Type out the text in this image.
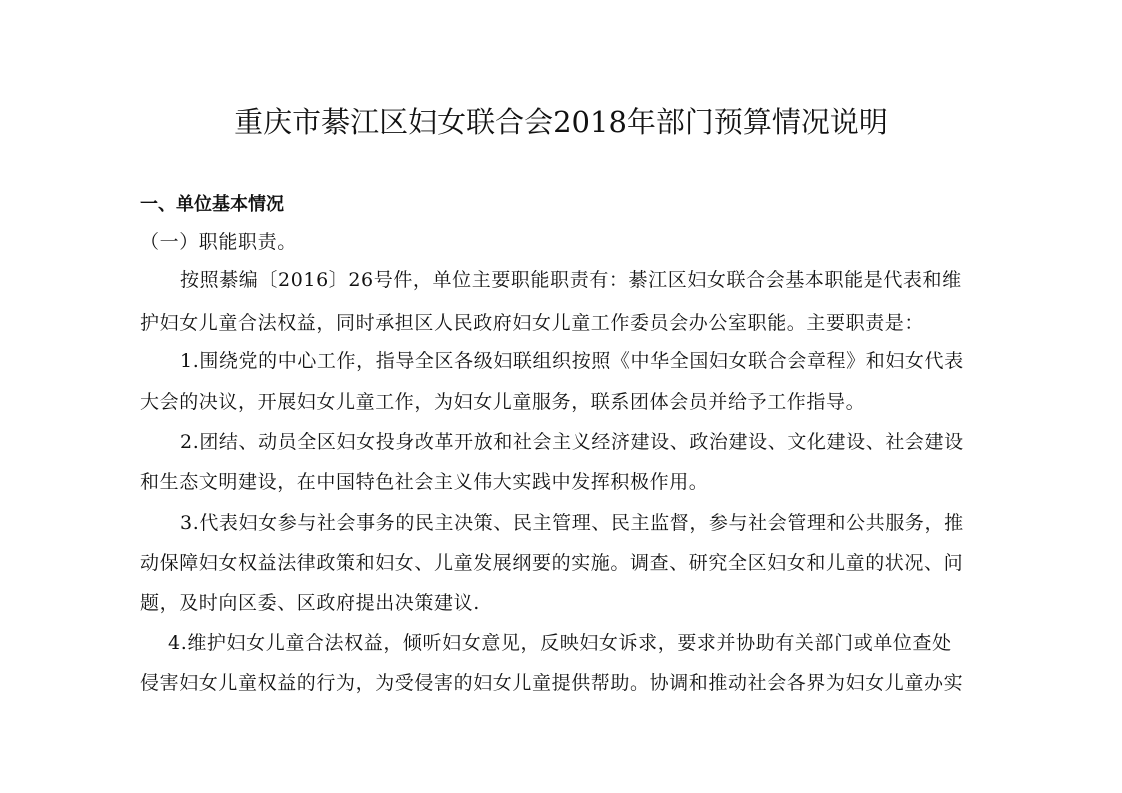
重庆市綦江区妇女联合会2018年部门预算情况说明
一、单位基本情况
（一）职能职责。
按照綦编〔2016〕26号件，单位主要职能职责有：綦江区妇女联合会基本职能是代表和维
护妇女儿童合法权益，同时承担区人民政府妇女儿童工作委员会办公室职能。主要职责是：
1.围绕党的中心工作，指导全区各级妇联组织按照《中华全国妇女联合会章程》和妇女代表
大会的决议，开展妇女儿童工作，为妇女儿童服务，联系团体会员并给予工作指导。
2.团结、动员全区妇女投身改革开放和社会主义经济建设、政治建设、文化建设、社会建设
和生态文明建设，在中国特色社会主义伟大实践中发挥积极作用。
3.代表妇女参与社会事务的民主决策、民主管理、民主监督，参与社会管理和公共服务，推
动保障妇女权益法律政策和妇女、儿童发展纲要的实施。调查、研究全区妇女和儿童的状况、问
题，及时向区委、区政府提出决策建议.
4.维护妇女儿童合法权益，倾听妇女意见，反映妇女诉求，要求并协助有关部门或单位查处
侵害妇女儿童权益的行为，为受侵害的妇女儿童提供帮助。协调和推动社会各界为妇女儿童办实
